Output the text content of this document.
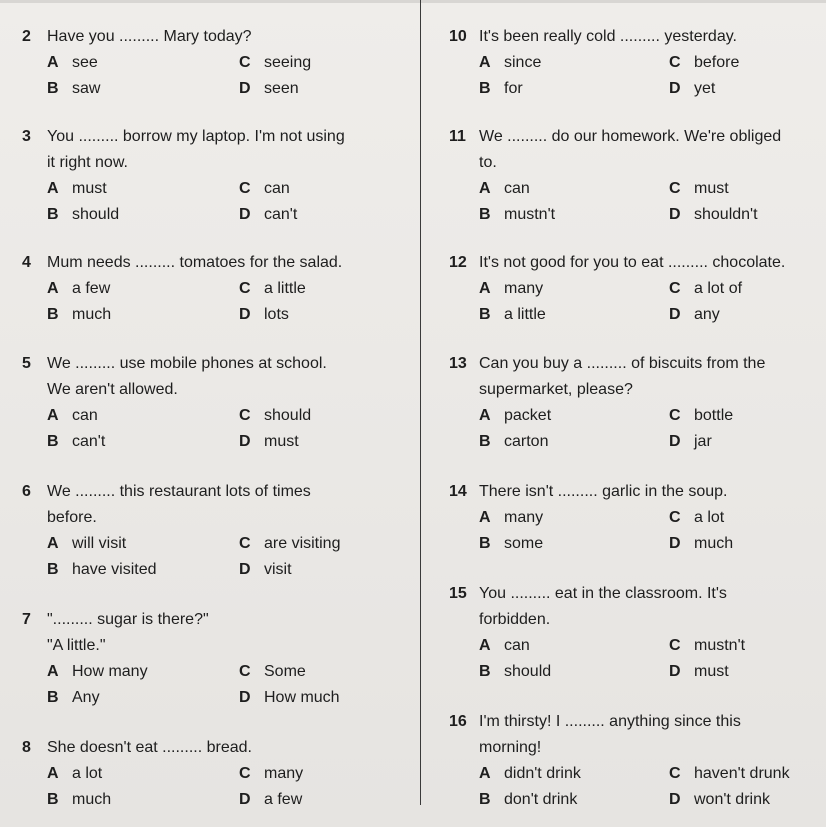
2 Have you ......... Mary today?
A see	C seeing
B saw	D seen
3 You ......... borrow my laptop. I'm not using
it right now.
A must	C can
B should	D can't
4 Mum needs ......... tomatoes for the salad.
A a few	C a little
B much	D lots
5 We ......... use mobile phones at school.
We aren't allowed.
A can	C should
B can't	D must
6 We ......... this restaurant lots of times
before.
A will visit	C are visiting
B have visited	D visit
7 "......... sugar is there?"
"A little."
A How many	C Some
B Any	D How much
8 She doesn't eat ......... bread.
A a lot	C many
B much	D a few
10 It's been really cold ......... yesterday.
A since	C before
B for	D yet
11 We ......... do our homework. We're obliged
to.
A can	C must
B mustn't	D shouldn't
12 It's not good for you to eat ......... chocolate.
A many	C a lot of
B a little	D any
13 Can you buy a ......... of biscuits from the
supermarket, please?
A packet	C bottle
B carton	D jar
14 There isn't ......... garlic in the soup.
A many	C a lot
B some	D much
15 You ......... eat in the classroom. It's
forbidden.
A can	C mustn't
B should	D must
16 I'm thirsty! I ......... anything since this
morning!
A didn't drink	C haven't drunk
B don't drink	D won't drink
